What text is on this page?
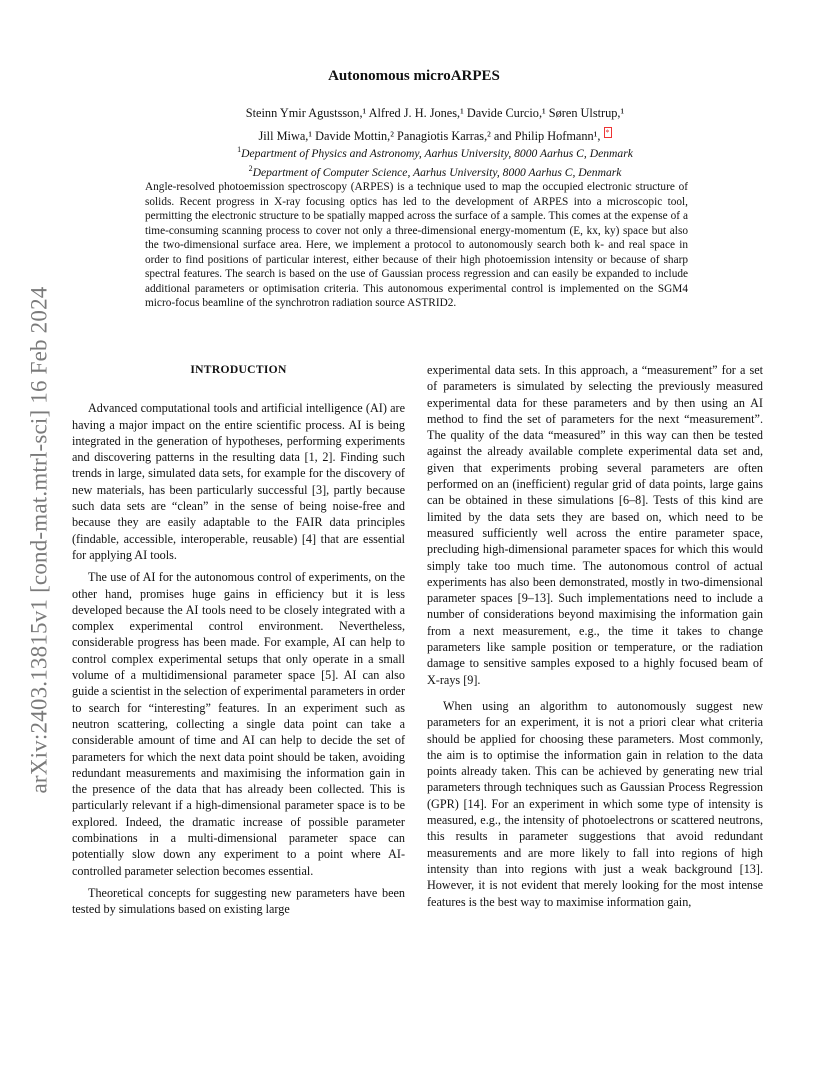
arXiv:2403.13815v1 [cond-mat.mtrl-sci] 16 Feb 2024
Autonomous microARPES
Steinn Ymir Agustsson,¹ Alfred J. H. Jones,¹ Davide Curcio,¹ Søren Ulstrup,¹
Jill Miwa,¹ Davide Mottin,² Panagiotis Karras,² and Philip Hofmann¹, *
$^1$Department of Physics and Astronomy, Aarhus University, 8000 Aarhus C, Denmark
$^2$Department of Computer Science, Aarhus University, 8000 Aarhus C, Denmark
Angle-resolved photoemission spectroscopy (ARPES) is a technique used to map the occupied electronic structure of solids. Recent progress in X-ray focusing optics has led to the development of ARPES into a microscopic tool, permitting the electronic structure to be spatially mapped across the surface of a sample. This comes at the expense of a time-consuming scanning process to cover not only a three-dimensional energy-momentum (E, kx, ky) space but also the two-dimensional surface area. Here, we implement a protocol to autonomously search both k- and real space in order to find positions of particular interest, either because of their high photoemission intensity or because of sharp spectral features. The search is based on the use of Gaussian process regression and can easily be expanded to include additional parameters or optimisation criteria. This autonomous experimental control is implemented on the SGM4 micro-focus beamline of the synchrotron radiation source ASTRID2.
INTRODUCTION

Advanced computational tools and artificial intelligence (AI) are having a major impact on the entire scientific process. AI is being integrated in the generation of hypotheses, performing experiments and discovering patterns in the resulting data [1, 2]. Finding such trends in large, simulated data sets, for example for the discovery of new materials, has been particularly successful [3], partly because such data sets are “clean” in the sense of being noise-free and because they are easily adaptable to the FAIR data principles (findable, accessible, interoperable, reusable) [4] that are essential for applying AI tools.

The use of AI for the autonomous control of experiments, on the other hand, promises huge gains in efficiency but it is less developed because the AI tools need to be closely integrated with a complex experimental control environment. Nevertheless, considerable progress has been made. For example, AI can help to control complex experimental setups that only operate in a small volume of a multidimensional parameter space [5]. AI can also guide a scientist in the selection of experimental parameters in order to search for “interesting” features. In an experiment such as neutron scattering, collecting a single data point can take a considerable amount of time and AI can help to decide the set of parameters for which the next data point should be taken, avoiding redundant measurements and maximising the information gain in the presence of the data that has already been collected. This is particularly relevant if a high-dimensional parameter space is to be explored. Indeed, the dramatic increase of possible parameter combinations in a multi-dimensional parameter space can potentially slow down any experiment to a point where AI-controlled parameter selection becomes essential.

Theoretical concepts for suggesting new parameters have been tested by simulations based on existing large

experimental data sets. In this approach, a “measurement” for a set of parameters is simulated by selecting the previously measured experimental data for these parameters and by then using an AI method to find the set of parameters for the next “measurement”. The quality of the data “measured” in this way can then be tested against the already available complete experimental data set and, given that experiments probing several parameters are often performed on an (inefficient) regular grid of data points, large gains can be obtained in these simulations [6–8]. Tests of this kind are limited by the data sets they are based on, which need to be measured sufficiently well across the entire parameter space, precluding high-dimensional parameter spaces for which this would simply take too much time. The autonomous control of actual experiments has also been demonstrated, mostly in two-dimensional parameter spaces [9–13]. Such implementations need to include a number of considerations beyond maximising the information gain from a next measurement, e.g., the time it takes to change parameters like sample position or temperature, or the radiation damage to sensitive samples exposed to a highly focused beam of X-rays [9].

When using an algorithm to autonomously suggest new parameters for an experiment, it is not a priori clear what criteria should be applied for choosing these parameters. Most commonly, the aim is to optimise the information gain in relation to the data points already taken. This can be achieved by generating new trial parameters through techniques such as Gaussian Process Regression (GPR) [14]. For an experiment in which some type of intensity is measured, e.g., the intensity of photoelectrons or scattered neutrons, this results in parameter suggestions that avoid redundant measurements and are more likely to fall into regions of high intensity than into regions with just a weak background [13]. However, it is not evident that merely looking for the most intense features is the best way to maximise information gain,
